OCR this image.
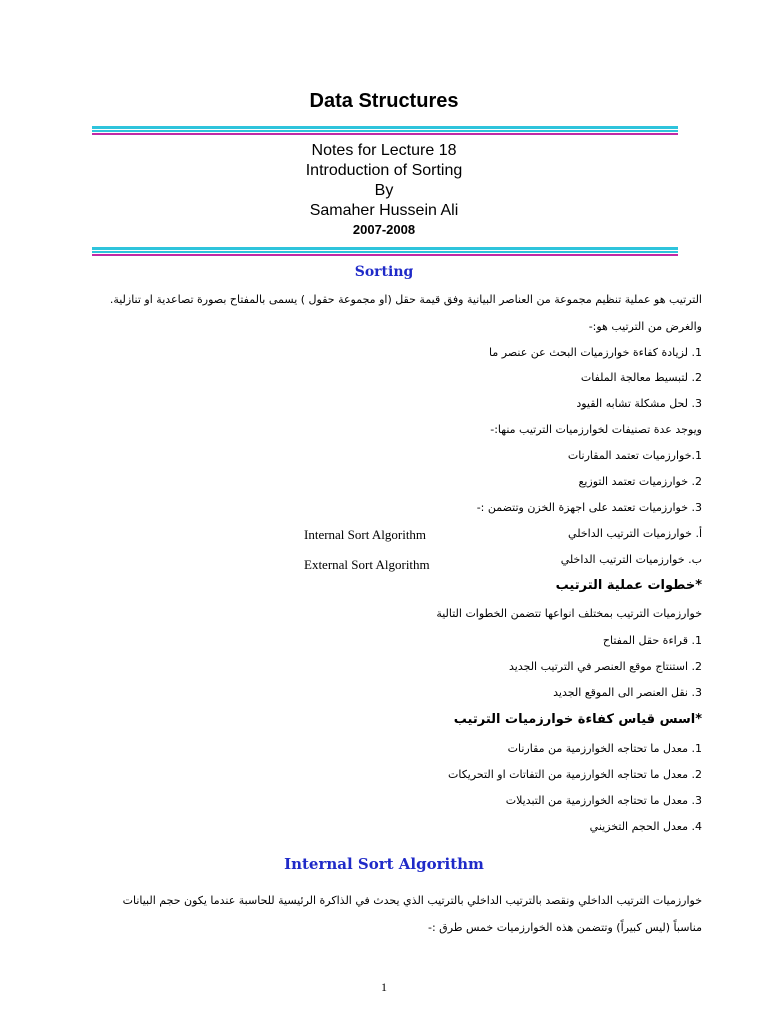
Data Structures
Notes for Lecture 18
Introduction of Sorting
By
Samaher Hussein Ali
2007-2008
Sorting
الترتيب هو عملية تنظيم مجموعة من العناصر البيانية وفق قيمة حقل (او مجموعة حقول ) يسمى بالمفتاح بصورة تصاعدية او تنازلية.
والغرض من الترتيب هو:-
1. لزيادة كفاءة خوارزميات البحث عن عنصر ما
2. لتبسيط معالجة الملفات
3. لحل مشكلة تشابه القيود
ويوجد عدة تصنيفات لخوارزميات الترتيب منها:-
1.خوارزميات تعتمد المقارنات
2. خوارزميات تعتمد التوزيع
3. خوارزميات تعتمد على اجهزة الخزن وتتضمن :-
أ. خوارزميات الترتيب الداخلي
Internal Sort Algorithm
ب. خوارزميات الترتيب الداخلي
External Sort Algorithm
*خطوات عملية الترتيب
خوارزميات الترتيب بمختلف انواعها تتضمن الخطوات التالية
1. قراءة حقل المفتاح
2. استنتاج موقع العنصر في الترتيب الجديد
3. نقل العنصر الى الموقع الجديد
*اسس قياس كفاءة خوارزميات الترتيب
1. معدل ما تحتاجه الخوارزمية من مقارنات
2. معدل ما تحتاجه الخوارزمية من التفاتات او التحريكات
3. معدل ما تحتاجه الخوارزمية من التبديلات
4. معدل الحجم التخزيني
Internal Sort Algorithm
خوارزميات الترتيب الداخلي ونقصد بالترتيب الداخلي بالترتيب الذي يحدث في الذاكرة الرئيسية للحاسبة عندما يكون حجم البيانات
مناسباً (ليس كبيراً) وتتضمن هذه الخوارزميات خمس طرق :-
1
